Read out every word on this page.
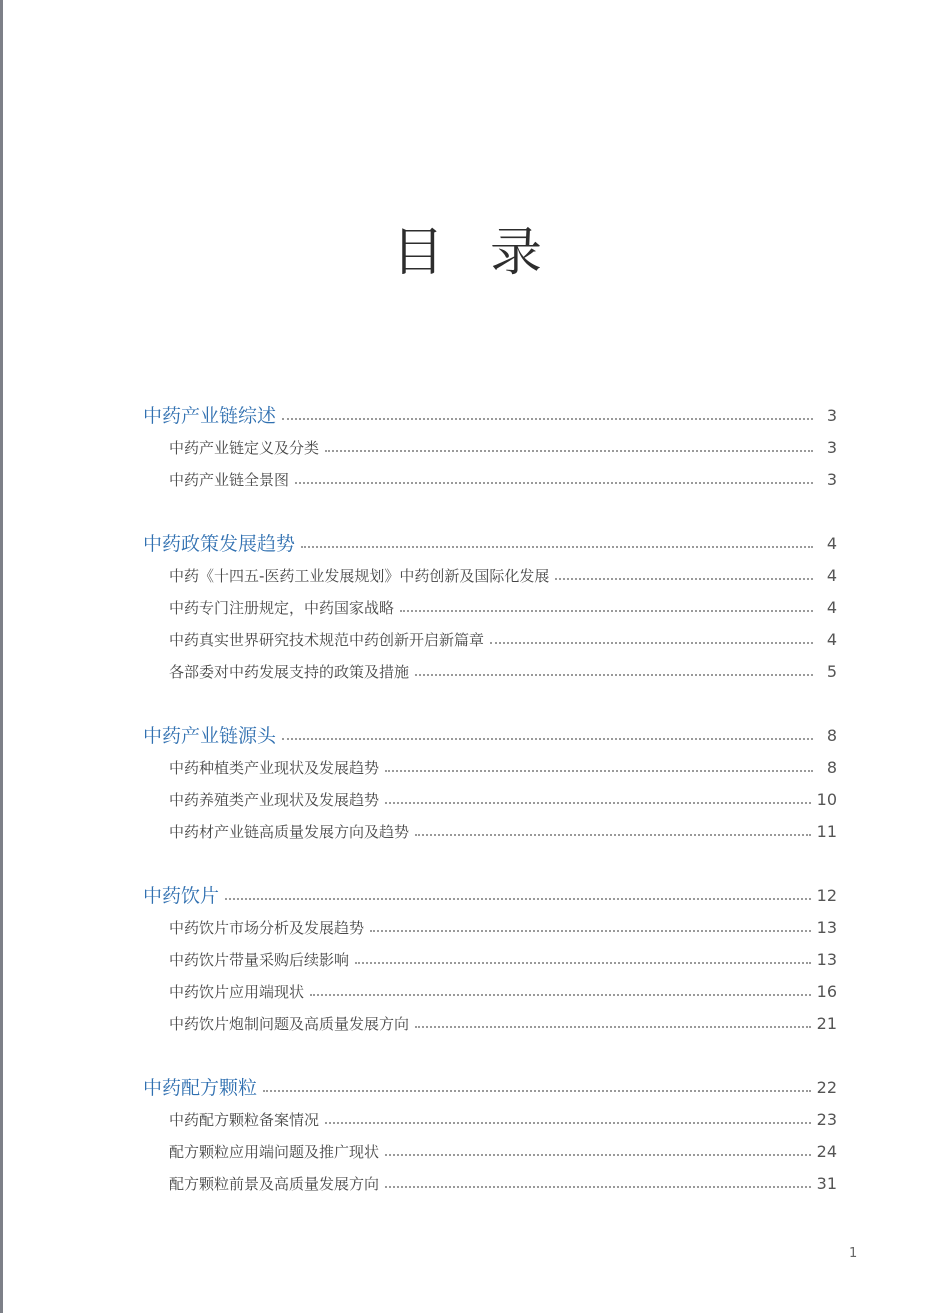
目录
中药产业链综述	3
中药产业链定义及分类	3
中药产业链全景图	3
中药政策发展趋势	4
中药《十四五-医药工业发展规划》中药创新及国际化发展	4
中药专门注册规定，中药国家战略	4
中药真实世界研究技术规范中药创新开启新篇章	4
各部委对中药发展支持的政策及措施	5
中药产业链源头	8
中药种植类产业现状及发展趋势	8
中药养殖类产业现状及发展趋势	10
中药材产业链高质量发展方向及趋势	11
中药饮片	12
中药饮片市场分析及发展趋势	13
中药饮片带量采购后续影响	13
中药饮片应用端现状	16
中药饮片炮制问题及高质量发展方向	21
中药配方颗粒	22
中药配方颗粒备案情况	23
配方颗粒应用端问题及推广现状	24
配方颗粒前景及高质量发展方向	31
1
